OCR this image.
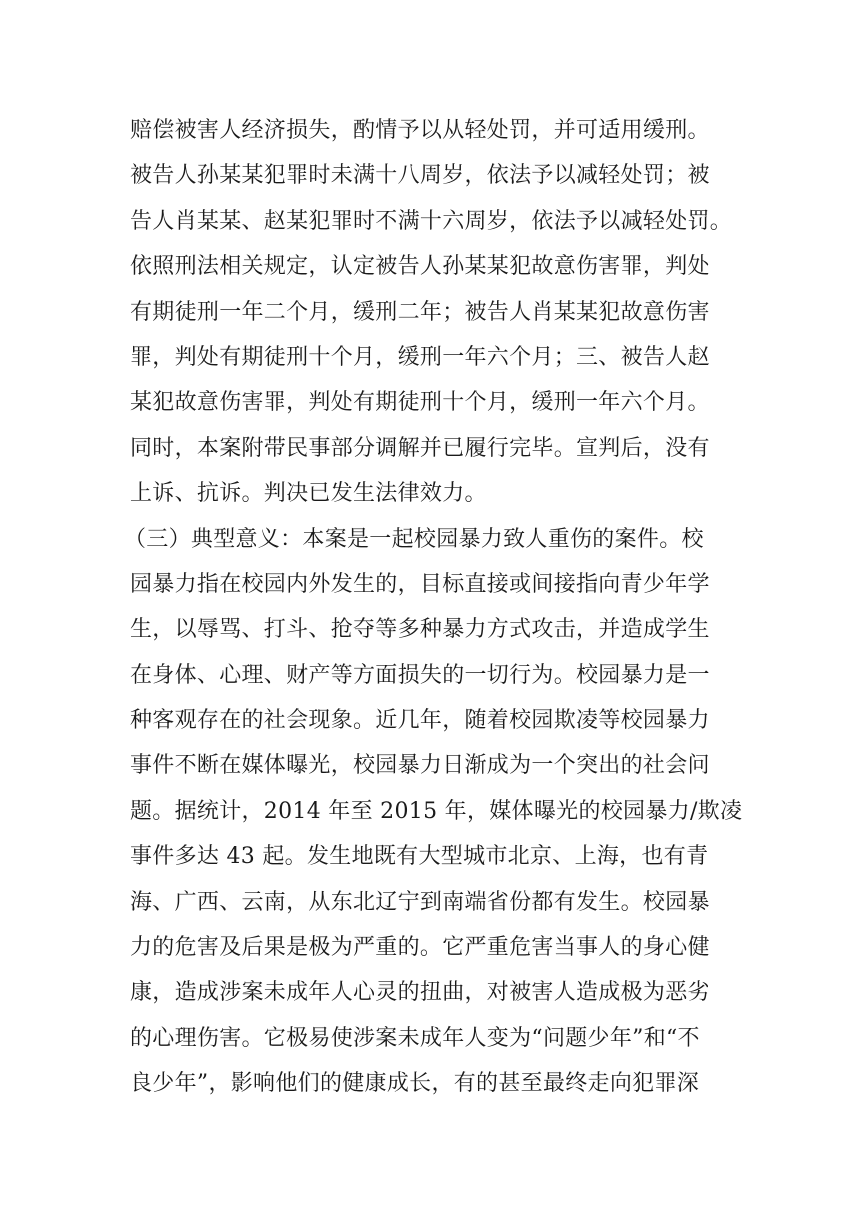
赔偿被害人经济损失，酌情予以从轻处罚，并可适用缓刑。
被告人孙某某犯罪时未满十八周岁，依法予以减轻处罚；被
告人肖某某、赵某犯罪时不满十六周岁，依法予以减轻处罚。
依照刑法相关规定，认定被告人孙某某犯故意伤害罪，判处
有期徒刑一年二个月，缓刑二年；被告人肖某某犯故意伤害
罪，判处有期徒刑十个月，缓刑一年六个月；三、被告人赵
某犯故意伤害罪，判处有期徒刑十个月，缓刑一年六个月。
同时，本案附带民事部分调解并已履行完毕。宣判后，没有
上诉、抗诉。判决已发生法律效力。
（三）典型意义：本案是一起校园暴力致人重伤的案件。校
园暴力指在校园内外发生的，目标直接或间接指向青少年学
生，以辱骂、打斗、抢夺等多种暴力方式攻击，并造成学生
在身体、心理、财产等方面损失的一切行为。校园暴力是一
种客观存在的社会现象。近几年，随着校园欺凌等校园暴力
事件不断在媒体曝光，校园暴力日渐成为一个突出的社会问
题。据统计，2014 年至 2015 年，媒体曝光的校园暴力/欺凌
事件多达 43 起。发生地既有大型城市北京、上海，也有青
海、广西、云南，从东北辽宁到南端省份都有发生。校园暴
力的危害及后果是极为严重的。它严重危害当事人的身心健
康，造成涉案未成年人心灵的扭曲，对被害人造成极为恶劣
的心理伤害。它极易使涉案未成年人变为“问题少年”和“不
良少年”，影响他们的健康成长，有的甚至最终走向犯罪深
